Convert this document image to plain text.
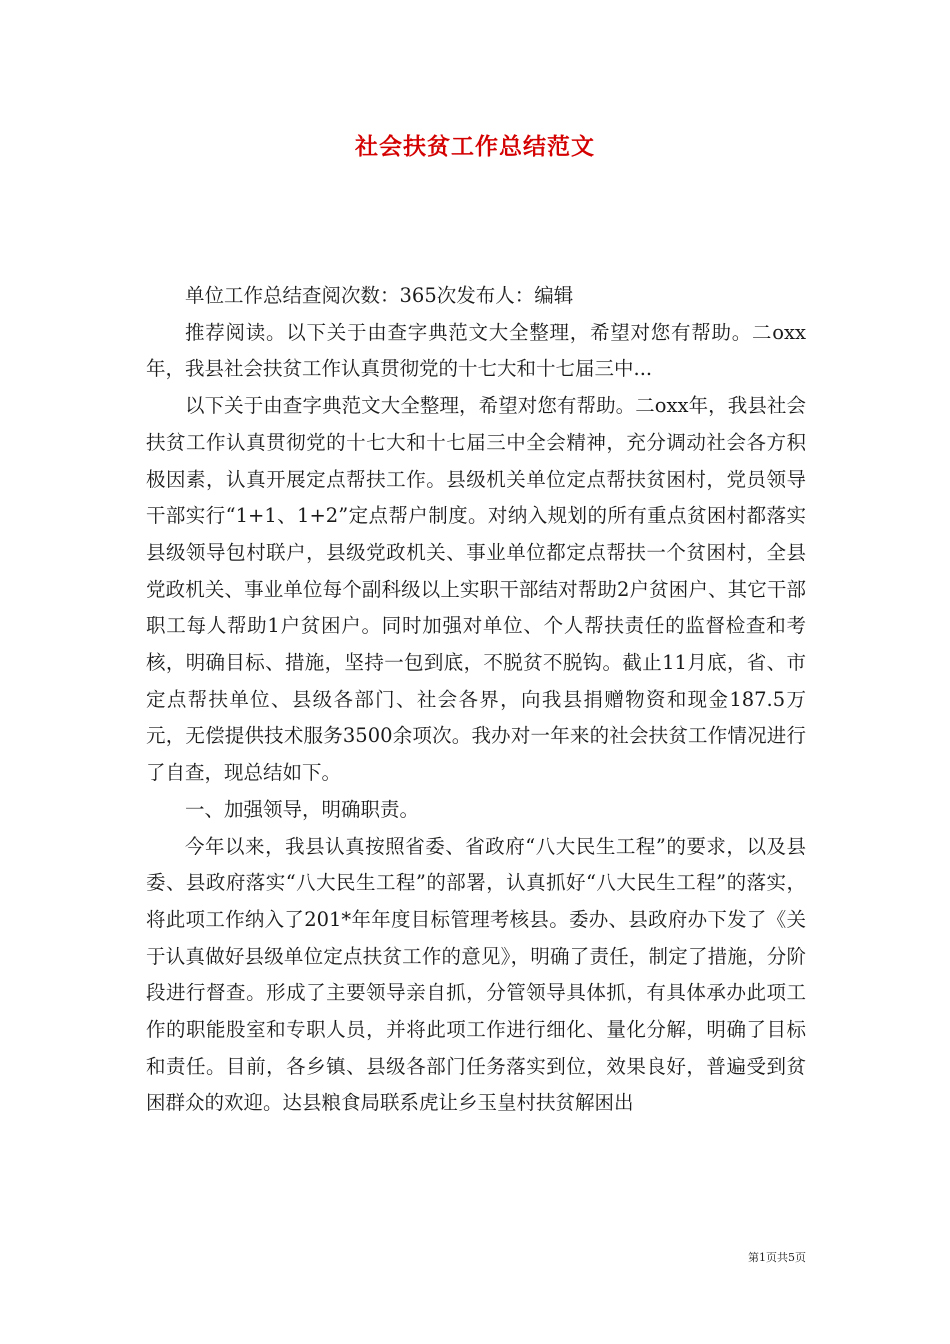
社会扶贫工作总结范文

单位工作总结查阅次数：365次发布人：编辑

推荐阅读。以下关于由查字典范文大全整理，希望对您有帮助。二oxx年，我县社会扶贫工作认真贯彻党的十七大和十七届三中...

以下关于由查字典范文大全整理，希望对您有帮助。二oxx年，我县社会扶贫工作认真贯彻党的十七大和十七届三中全会精神，充分调动社会各方积极因素，认真开展定点帮扶工作。县级机关单位定点帮扶贫困村，党员领导干部实行“1+1、1+2”定点帮户制度。对纳入规划的所有重点贫困村都落实县级领导包村联户，县级党政机关、事业单位都定点帮扶一个贫困村，全县党政机关、事业单位每个副科级以上实职干部结对帮助2户贫困户、其它干部职工每人帮助1户贫困户。同时加强对单位、个人帮扶责任的监督检查和考核，明确目标、措施，坚持一包到底，不脱贫不脱钩。截止11月底，省、市定点帮扶单位、县级各部门、社会各界，向我县捐赠物资和现金187.5万元，无偿提供技术服务3500余项次。我办对一年来的社会扶贫工作情况进行了自查，现总结如下。

一、加强领导，明确职责。

今年以来，我县认真按照省委、省政府“八大民生工程”的要求，以及县委、县政府落实“八大民生工程”的部署，认真抓好“八大民生工程”的落实，将此项工作纳入了201*年年度目标管理考核县。委办、县政府办下发了《关于认真做好县级单位定点扶贫工作的意见》，明确了责任，制定了措施，分阶段进行督查。形成了主要领导亲自抓，分管领导具体抓，有具体承办此项工作的职能股室和专职人员，并将此项工作进行细化、量化分解，明确了目标和责任。目前，各乡镇、县级各部门任务落实到位，效果良好，普遍受到贫困群众的欢迎。达县粮食局联系虎让乡玉皇村扶贫解困出

第1页共5页
